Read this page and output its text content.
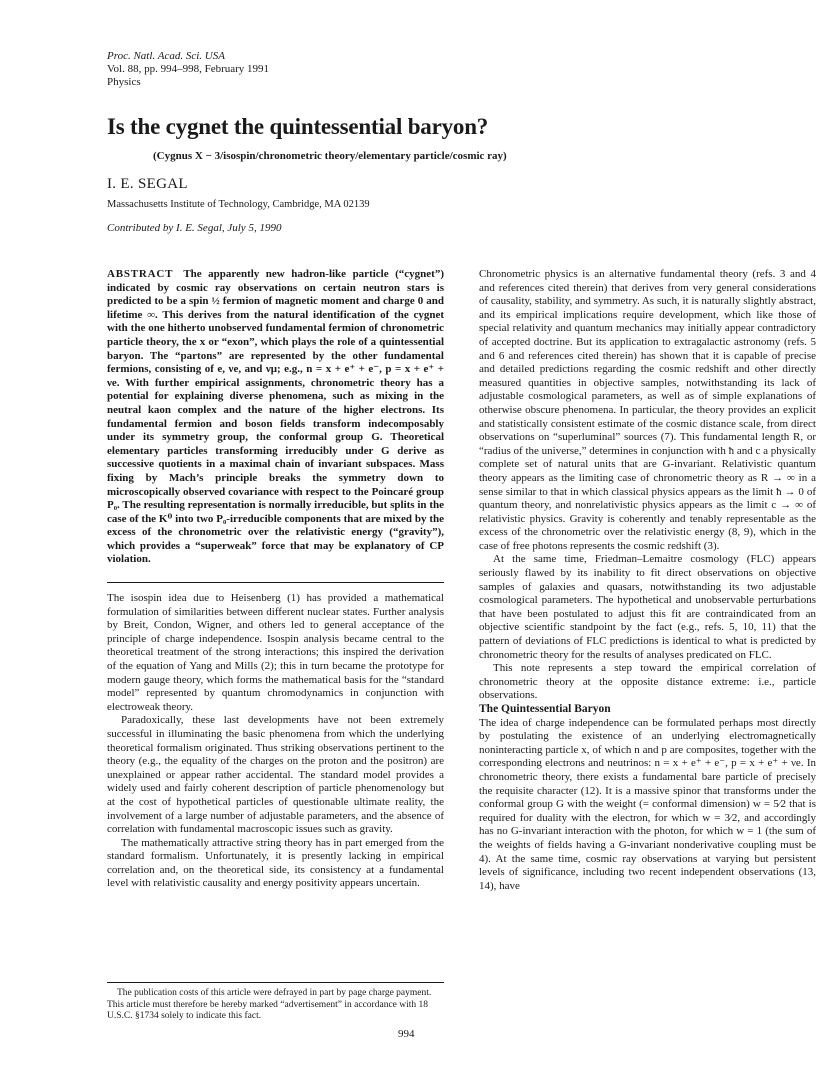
Proc. Natl. Acad. Sci. USA
Vol. 88, pp. 994–998, February 1991
Physics
Is the cygnet the quintessential baryon?
(Cygnus X − 3/isospin/chronometric theory/elementary particle/cosmic ray)
I. E. SEGAL
Massachusetts Institute of Technology, Cambridge, MA 02139
Contributed by I. E. Segal, July 5, 1990

ABSTRACT The apparently new hadron-like particle (“cygnet”) indicated by cosmic ray observations on certain neutron stars is predicted to be a spin ½ fermion of magnetic moment and charge 0 and lifetime ∞. This derives from the natural identification of the cygnet with the one hitherto unobserved fundamental fermion of chronometric particle theory, the x or “exon”, which plays the role of a quintessential baryon. The “partons” are represented by the other fundamental fermions, consisting of e, νe, and νμ; e.g., n = x + e⁺ + e⁻, p = x + e⁺ + νe. With further empirical assignments, chronometric theory has a potential for explaining diverse phenomena, such as mixing in the neutral kaon complex and the nature of the higher electrons. Its fundamental fermion and boson fields transform indecomposably under its symmetry group, the conformal group G. Theoretical elementary particles transforming irreducibly under G derive as successive quotients in a maximal chain of invariant subspaces. Mass fixing by Mach’s principle breaks the symmetry down to microscopically observed covariance with respect to the Poincaré group P₀. The resulting representation is normally irreducible, but splits in the case of the K⁰ into two P₀-irreducible components that are mixed by the excess of the chronometric over the relativistic energy (“gravity”), which provides a “superweak” force that may be explanatory of CP violation.

The isospin idea due to Heisenberg (1) has provided a mathematical formulation of similarities between different nuclear states. Further analysis by Breit, Condon, Wigner, and others led to general acceptance of the principle of charge independence. Isospin analysis became central to the theoretical treatment of the strong interactions; this inspired the derivation of the equation of Yang and Mills (2); this in turn became the prototype for modern gauge theory, which forms the mathematical basis for the “standard model” represented by quantum chromodynamics in conjunction with electroweak theory.

Paradoxically, these last developments have not been extremely successful in illuminating the basic phenomena from which the underlying theoretical formalism originated. Thus striking observations pertinent to the theory (e.g., the equality of the charges on the proton and the positron) are unexplained or appear rather accidental. The standard model provides a widely used and fairly coherent description of particle phenomenology but at the cost of hypothetical particles of questionable ultimate reality, the involvement of a large number of adjustable parameters, and the absence of correlation with fundamental macroscopic issues such as gravity.

The mathematically attractive string theory has in part emerged from the standard formalism. Unfortunately, it is presently lacking in empirical correlation and, on the theoretical side, its consistency at a fundamental level with relativistic causality and energy positivity appears uncertain.

The publication costs of this article were defrayed in part by page charge payment. This article must therefore be hereby marked “advertisement” in accordance with 18 U.S.C. §1734 solely to indicate this fact.

Chronometric physics is an alternative fundamental theory (refs. 3 and 4 and references cited therein) that derives from very general considerations of causality, stability, and symmetry. As such, it is naturally slightly abstract, and its empirical implications require development, which like those of special relativity and quantum mechanics may initially appear contradictory of accepted doctrine. But its application to extragalactic astronomy (refs. 5 and 6 and references cited therein) has shown that it is capable of precise and detailed predictions regarding the cosmic redshift and other directly measured quantities in objective samples, notwithstanding its lack of adjustable cosmological parameters, as well as of simple explanations of otherwise obscure phenomena. In particular, the theory provides an explicit and statistically consistent estimate of the cosmic distance scale, from direct observations on “superluminal” sources (7). This fundamental length R, or “radius of the universe,” determines in conjunction with ħ and c a physically complete set of natural units that are G-invariant. Relativistic quantum theory appears as the limiting case of chronometric theory as R → ∞ in a sense similar to that in which classical physics appears as the limit ħ → 0 of quantum theory, and nonrelativistic physics appears as the limit c → ∞ of relativistic physics. Gravity is coherently and tenably representable as the excess of the chronometric over the relativistic energy (8, 9), which in the case of free photons represents the cosmic redshift (3).

At the same time, Friedman–Lemaitre cosmology (FLC) appears seriously flawed by its inability to fit direct observations on objective samples of galaxies and quasars, notwithstanding its two adjustable cosmological parameters. The hypothetical and unobservable perturbations that have been postulated to adjust this fit are contraindicated from an objective scientific standpoint by the fact (e.g., refs. 5, 10, 11) that the pattern of deviations of FLC predictions is identical to what is predicted by chronometric theory for the results of analyses predicated on FLC.

This note represents a step toward the empirical correlation of chronometric theory at the opposite distance extreme: i.e., particle observations.

The Quintessential Baryon

The idea of charge independence can be formulated perhaps most directly by postulating the existence of an underlying electromagnetically noninteracting particle x, of which n and p are composites, together with the corresponding electrons and neutrinos: n = x + e⁺ + e⁻, p = x + e⁺ + νe. In chronometric theory, there exists a fundamental bare particle of precisely the requisite character (12). It is a massive spinor that transforms under the conformal group G with the weight (= conformal dimension) w = 5⁄2 that is required for duality with the electron, for which w = 3⁄2, and accordingly has no G-invariant interaction with the photon, for which w = 1 (the sum of the weights of fields having a G-invariant nonderivative coupling must be 4). At the same time, cosmic ray observations at varying but persistent levels of significance, including two recent independent observations (13, 14), have

994
